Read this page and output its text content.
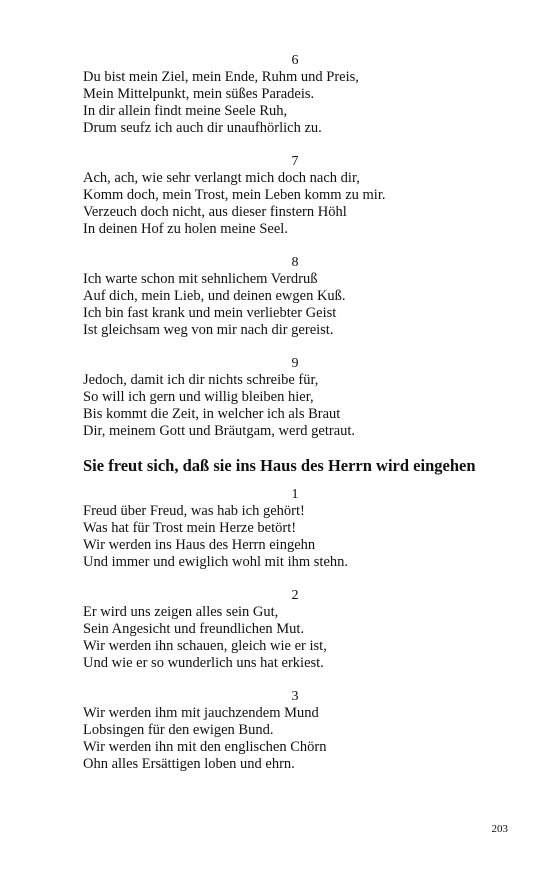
6
Du bist mein Ziel, mein Ende, Ruhm und Preis,
Mein Mittelpunkt, mein süßes Paradeis.
In dir allein findt meine Seele Ruh,
Drum seufz ich auch dir unaufhörlich zu.
7
Ach, ach, wie sehr verlangt mich doch nach dir,
Komm doch, mein Trost, mein Leben komm zu mir.
Verzeuch doch nicht, aus dieser finstern Höhl
In deinen Hof zu holen meine Seel.
8
Ich warte schon mit sehnlichem Verdruß
Auf dich, mein Lieb, und deinen ewgen Kuß.
Ich bin fast krank und mein verliebter Geist
Ist gleichsam weg von mir nach dir gereist.
9
Jedoch, damit ich dir nichts schreibe für,
So will ich gern und willig bleiben hier,
Bis kommt die Zeit, in welcher ich als Braut
Dir, meinem Gott und Bräutgam, werd getraut.
Sie freut sich, daß sie ins Haus des Herrn wird eingehen
1
Freud über Freud, was hab ich gehört!
Was hat für Trost mein Herze betört!
Wir werden ins Haus des Herrn eingehn
Und immer und ewiglich wohl mit ihm stehn.
2
Er wird uns zeigen alles sein Gut,
Sein Angesicht und freundlichen Mut.
Wir werden ihn schauen, gleich wie er ist,
Und wie er so wunderlich uns hat erkiest.
3
Wir werden ihm mit jauchzendem Mund
Lobsingen für den ewigen Bund.
Wir werden ihn mit den englischen Chörn
Ohn alles Ersättigen loben und ehrn.
203
